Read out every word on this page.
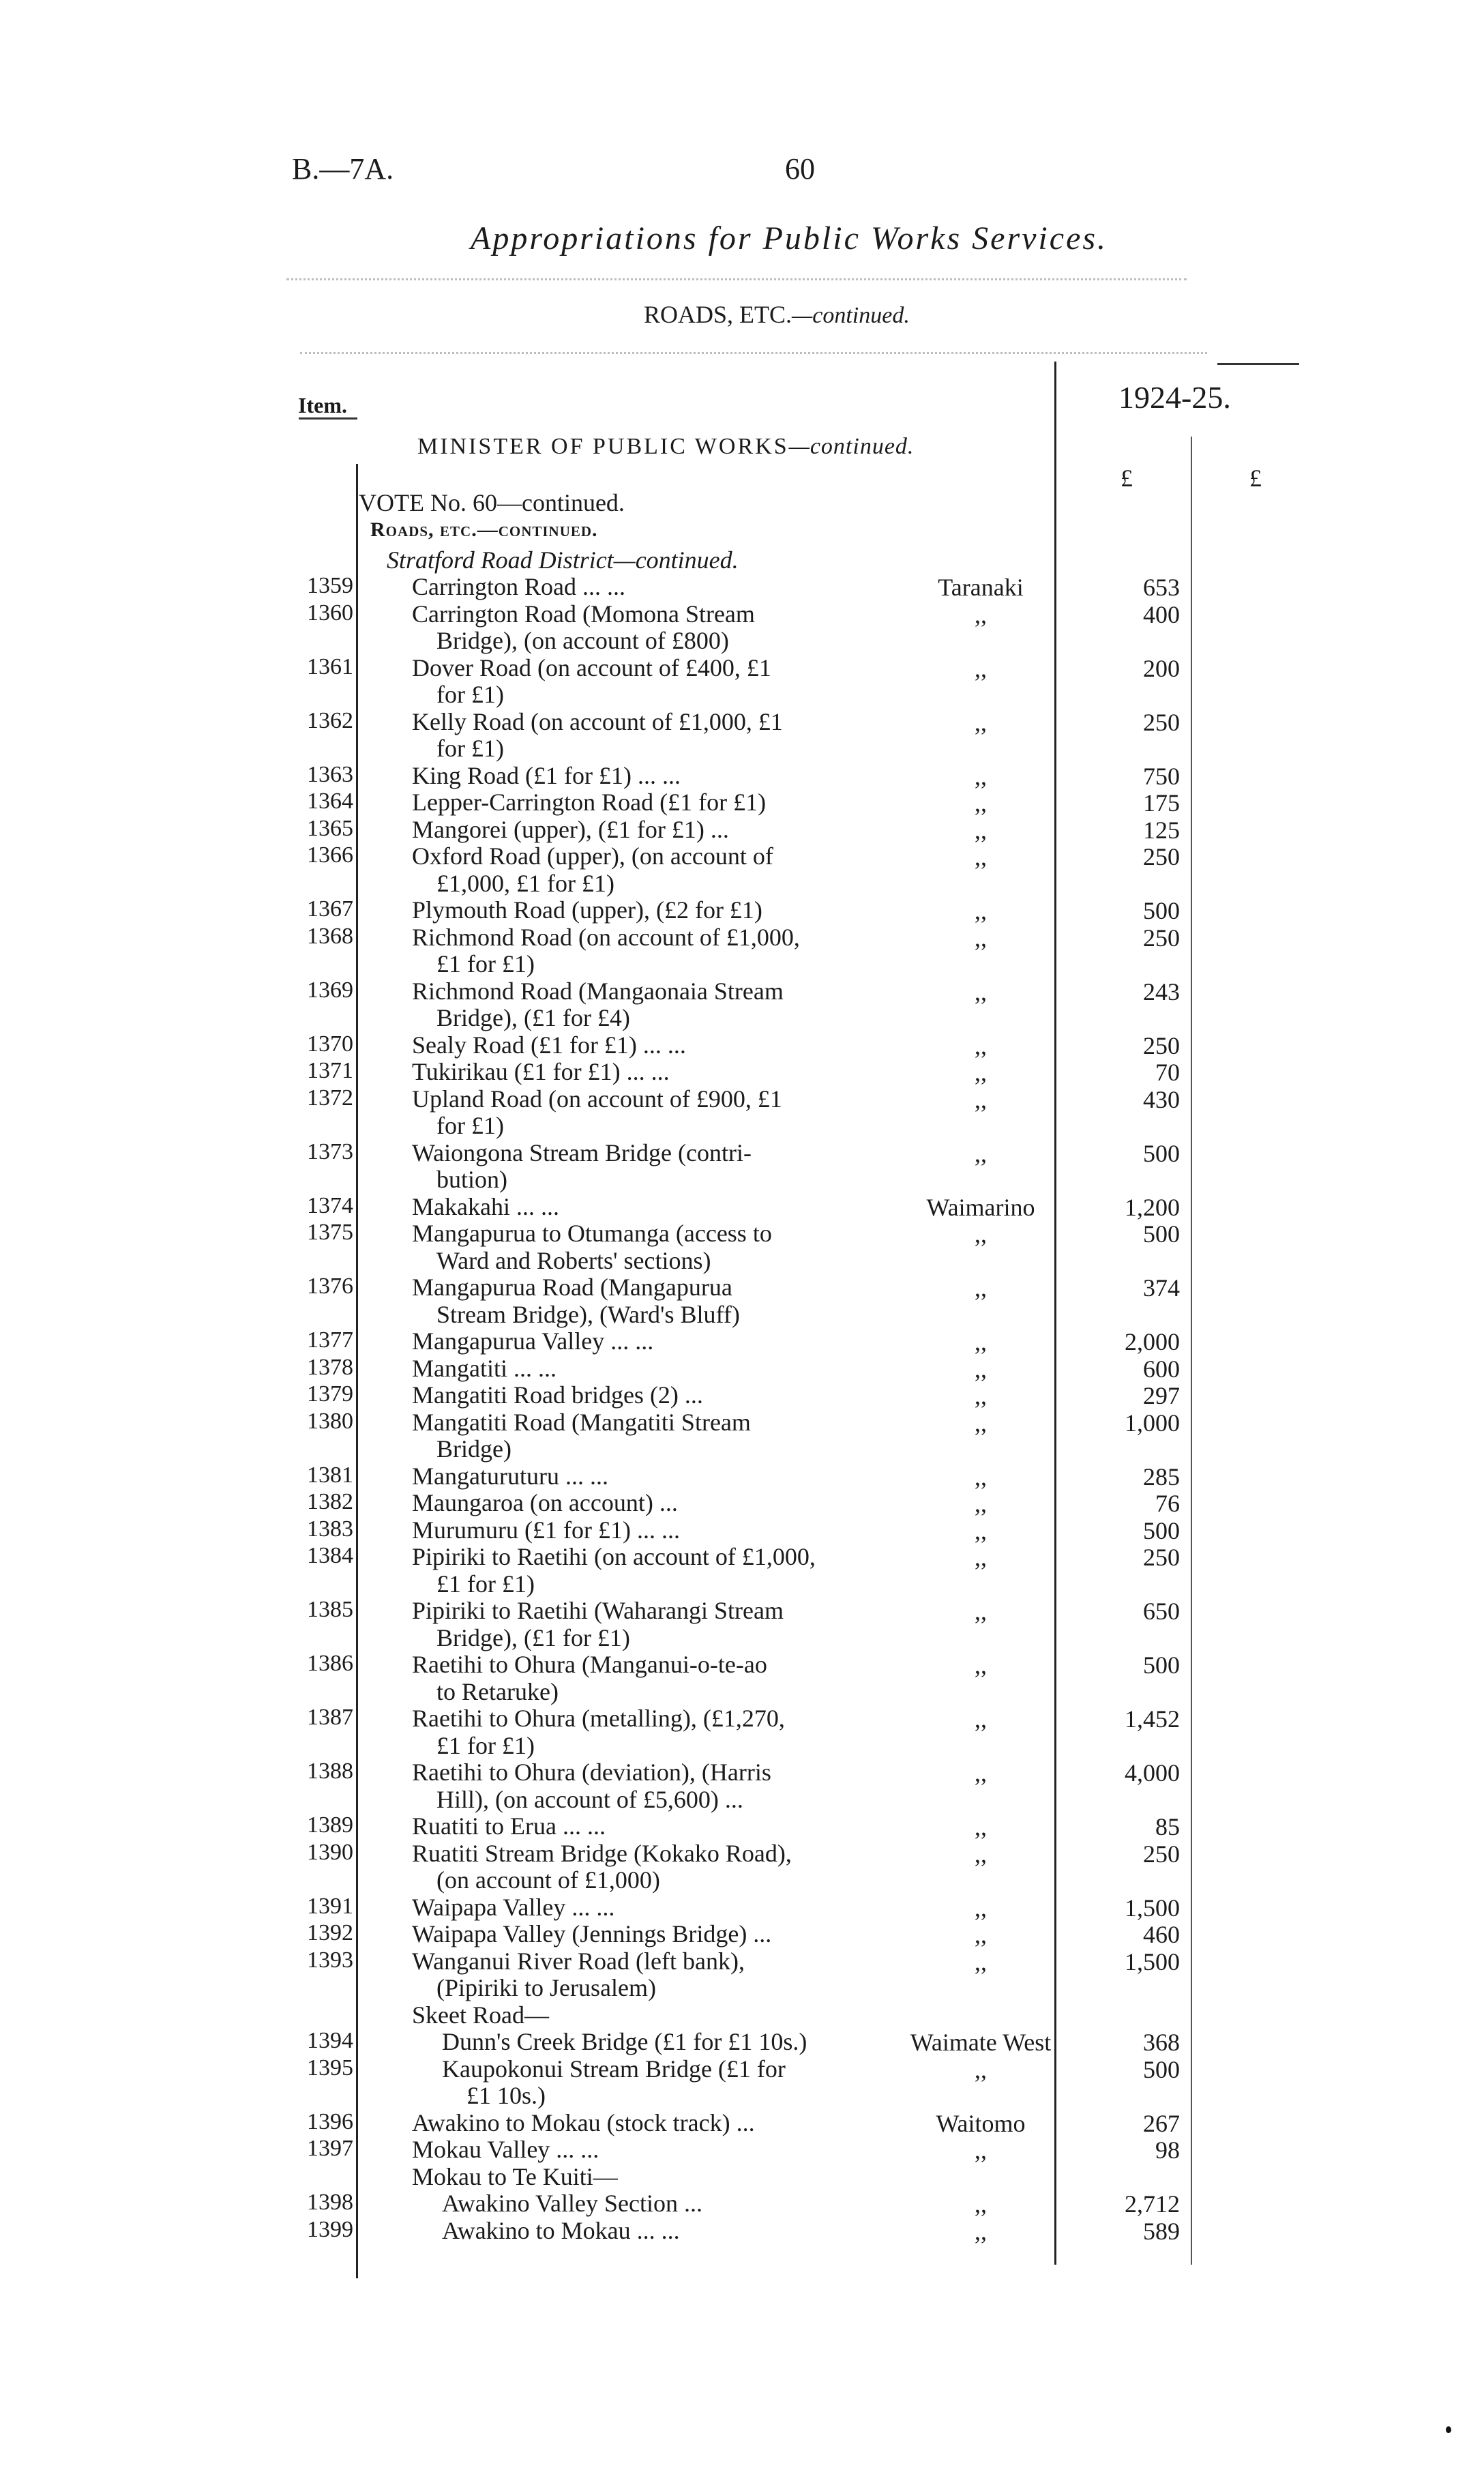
B.—7A.	60
Appropriations for Public Works Services.
ROADS, ETC.—continued.
Item.	1924-25.
MINISTER OF PUBLIC WORKS—continued.
£	£
VOTE No. 60—continued.
Roads, etc.—continued.
Stratford Road District—continued.
1359 Carrington Road ... ...	Taranaki	653
1360 Carrington Road (Momona Stream
Bridge), (on account of £800)
,,	400
1361 Dover Road (on account of £400, £1
for £1)
,,	200
1362 Kelly Road (on account of £1,000, £1
for £1)
,,	250
1363 King Road (£1 for £1) ... ...	,,	750
1364 Lepper-Carrington Road (£1 for £1)	,,	175
1365 Mangorei (upper), (£1 for £1) ...	,,	125
1366 Oxford Road (upper), (on account of
£1,000, £1 for £1)
,,	250
1367 Plymouth Road (upper), (£2 for £1)	,,	500
1368 Richmond Road (on account of £1,000,
£1 for £1)
,,	250
1369 Richmond Road (Mangaonaia Stream
Bridge), (£1 for £4)
,,	243
1370 Sealy Road (£1 for £1) ... ...	,,	250
1371 Tukirikau (£1 for £1) ... ...	,,	70
1372 Upland Road (on account of £900, £1
for £1)
,,	430
1373 Waiongona Stream Bridge (contri-
bution)
,,	500
1374 Makakahi ... ...	Waimarino	1,200
1375 Mangapurua to Otumanga (access to
Ward and Roberts' sections)
,,	500
1376 Mangapurua Road (Mangapurua
Stream Bridge), (Ward's Bluff)
,,	374
1377 Mangapurua Valley ... ...	,,	2,000
1378 Mangatiti ... ...	,,	600
1379 Mangatiti Road bridges (2) ...	,,	297
1380 Mangatiti Road (Mangatiti Stream
Bridge)
,,	1,000
1381 Mangaturuturu ... ...	,,	285
1382 Maungaroa (on account) ...	,,	76
1383 Murumuru (£1 for £1) ... ...	,,	500
1384 Pipiriki to Raetihi (on account of £1,000,
£1 for £1)
,,	250
1385 Pipiriki to Raetihi (Waharangi Stream
Bridge), (£1 for £1)
,,	650
1386 Raetihi to Ohura (Manganui-o-te-ao
to Retaruke)
,,	500
1387 Raetihi to Ohura (metalling), (£1,270,
£1 for £1)
,,	1,452
1388 Raetihi to Ohura (deviation), (Harris
Hill), (on account of £5,600) ...
,,	4,000
1389 Ruatiti to Erua ... ...	,,	85
1390 Ruatiti Stream Bridge (Kokako Road),
(on account of £1,000)
,,	250
1391 Waipapa Valley ... ...	,,	1,500
1392 Waipapa Valley (Jennings Bridge) ...	,,	460
1393 Wanganui River Road (left bank),
(Pipiriki to Jerusalem)
,,	1,500
Skeet Road—
1394	Dunn's Creek Bridge (£1 for £1 10s.)	Waimate West	368
1395	Kaupokonui Stream Bridge (£1 for
£1 10s.)
,,	500
1396 Awakino to Mokau (stock track) ...	Waitomo	267
1397 Mokau Valley ... ...	,,	98
Mokau to Te Kuiti—
1398	Awakino Valley Section ...	,,	2,712
1399	Awakino to Mokau ... ...	,,	589
